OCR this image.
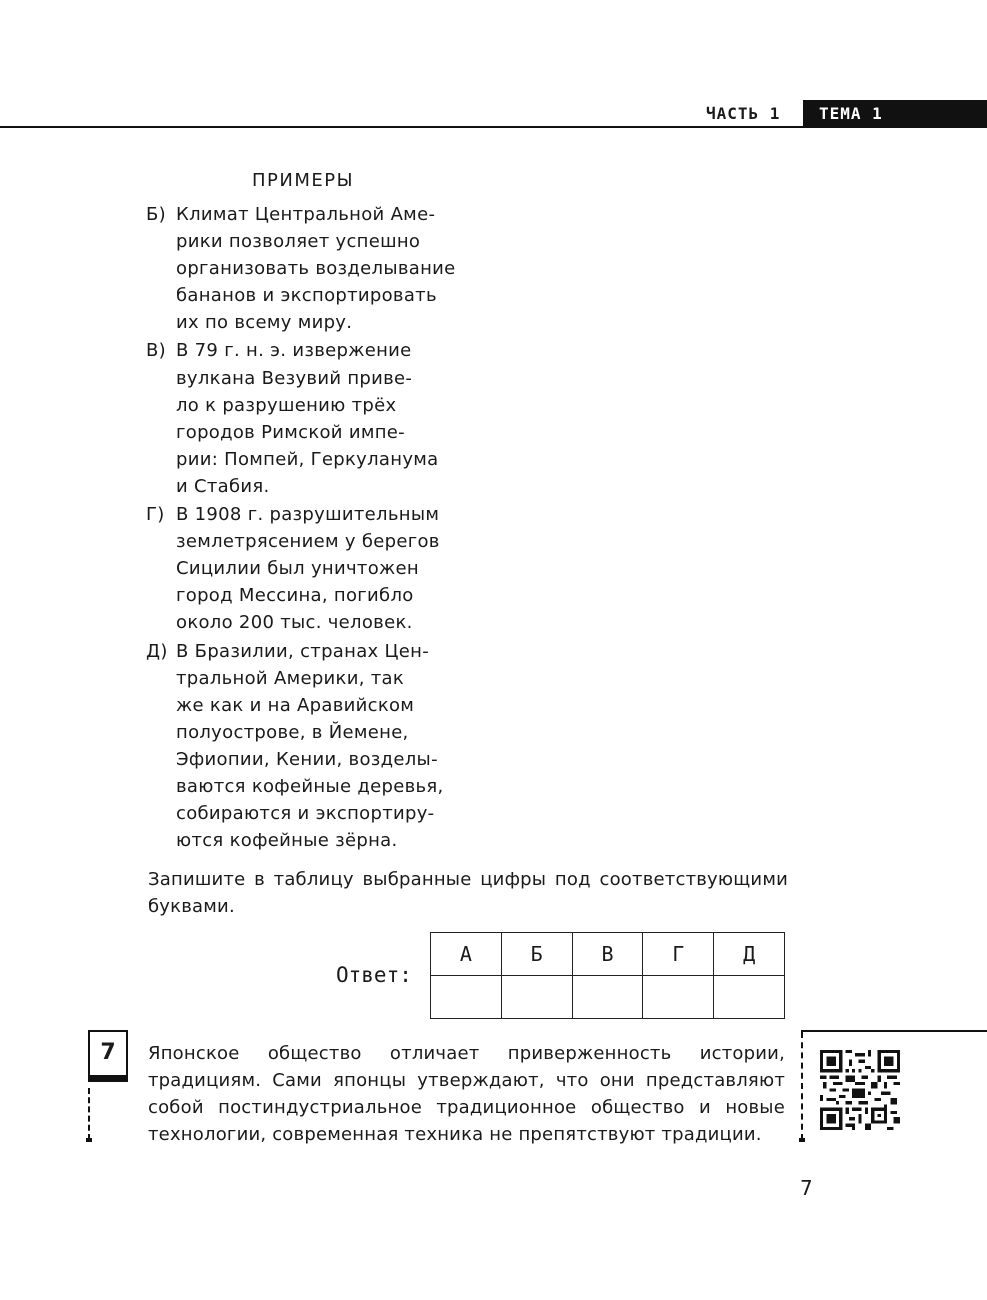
ЧАСТЬ 1	ТЕМА 1
ПРИМЕРЫ
Б) Климат Центральной Аме-
рики позволяет успешно
организовать возделывание
бананов и экспортировать
их по всему миру.
В) В 79 г. н. э. извержение
вулкана Везувий приве-
ло к разрушению трёх
городов Римской импе-
рии: Помпей, Геркуланума
и Стабия.
Г) В 1908 г. разрушительным
землетрясением у берегов
Сицилии был уничтожен
город Мессина, погибло
около 200 тыс. человек.
Д) В Бразилии, странах Цен-
тральной Америки, так
же как и на Аравийском
полуострове, в Йемене,
Эфиопии, Кении, возделы-
ваются кофейные деревья,
собираются и экспортиру-
ются кофейные зёрна.
Запишите в таблицу выбранные цифры под соответствующими буквами.
Ответ:
А	Б	В	Г	Д

7	Японское общество отличает приверженность истории, традициям. Сами японцы утверждают, что они представляют собой постиндустриальное традиционное общество и новые технологии, современная техника не препятствуют традиции.
7
